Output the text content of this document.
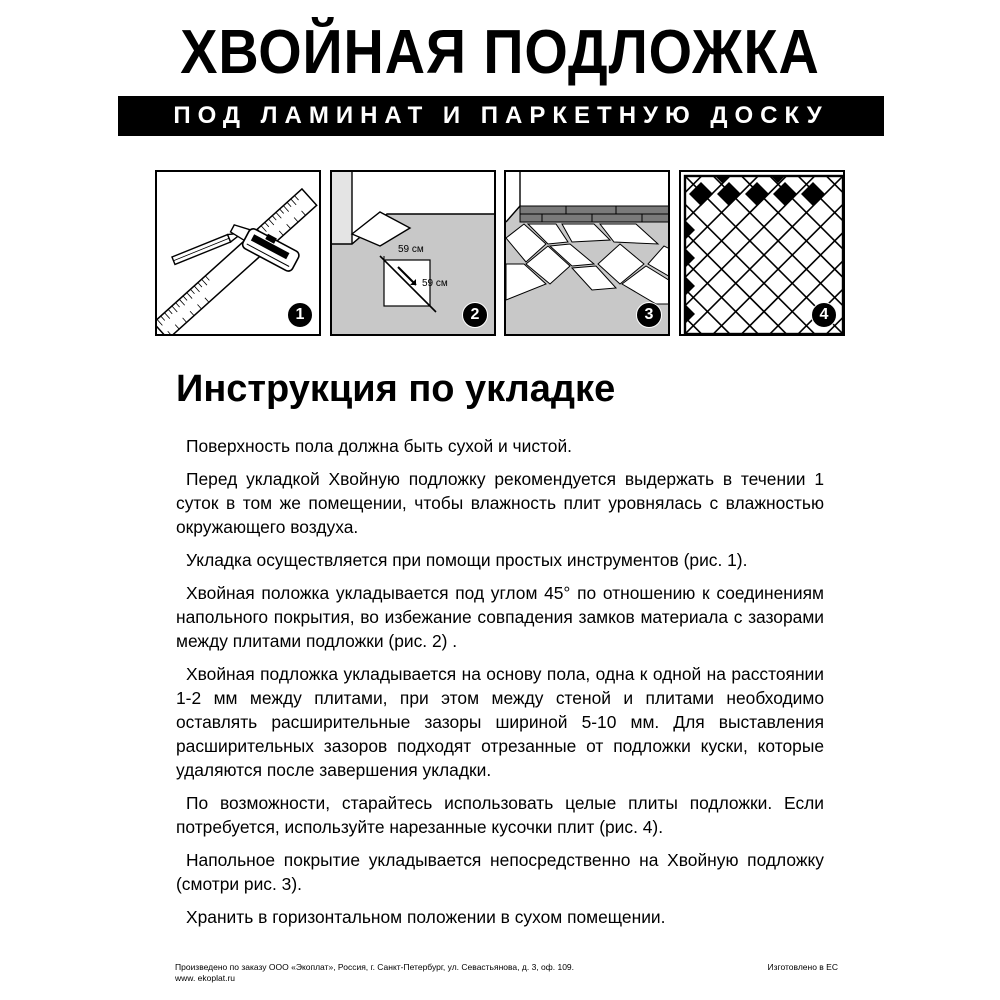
ХВОЙНАЯ ПОДЛОЖКА
ПОД ЛАМИНАТ И ПАРКЕТНУЮ ДОСКУ
1
59 см
59 см
2	3	4
Инструкция по укладке

Поверхность пола должна быть сухой и чистой.

Перед укладкой Хвойную подложку рекомендуется выдержать в течении 1 суток в том же помещении, чтобы влажность плит уровнялась с влажностью окружающего воздуха.

Укладка осуществляется при помощи простых инструментов (рис. 1).

Хвойная положка укладывается под углом 45° по отношению к соединениям напольного покрытия, во избежание совпадения замков материала с зазорами между плитами подложки (рис. 2) .

Хвойная подложка укладывается на основу пола, одна к одной на расстоянии 1-2 мм между плитами, при этом между стеной и плитами необходимо оставлять расширительные зазоры шириной 5-10 мм. Для выставления расширительных зазоров подходят отрезанные от подложки куски, которые удаляются после завершения укладки.

По возможности, старайтесь использовать целые плиты подложки. Если потребуется, используйте нарезанные кусочки плит (рис. 4).

Напольное покрытие укладывается непосредственно на Хвойную подложку (смотри рис. 3).

Хранить в горизонтальном положении в сухом помещении.

Произведено по заказу ООО «Экоплат», Россия, г. Санкт-Петербург, ул. Севастьянова, д. 3, оф. 109.
www. ekoplat.ru
Изготовлено в ЕС
